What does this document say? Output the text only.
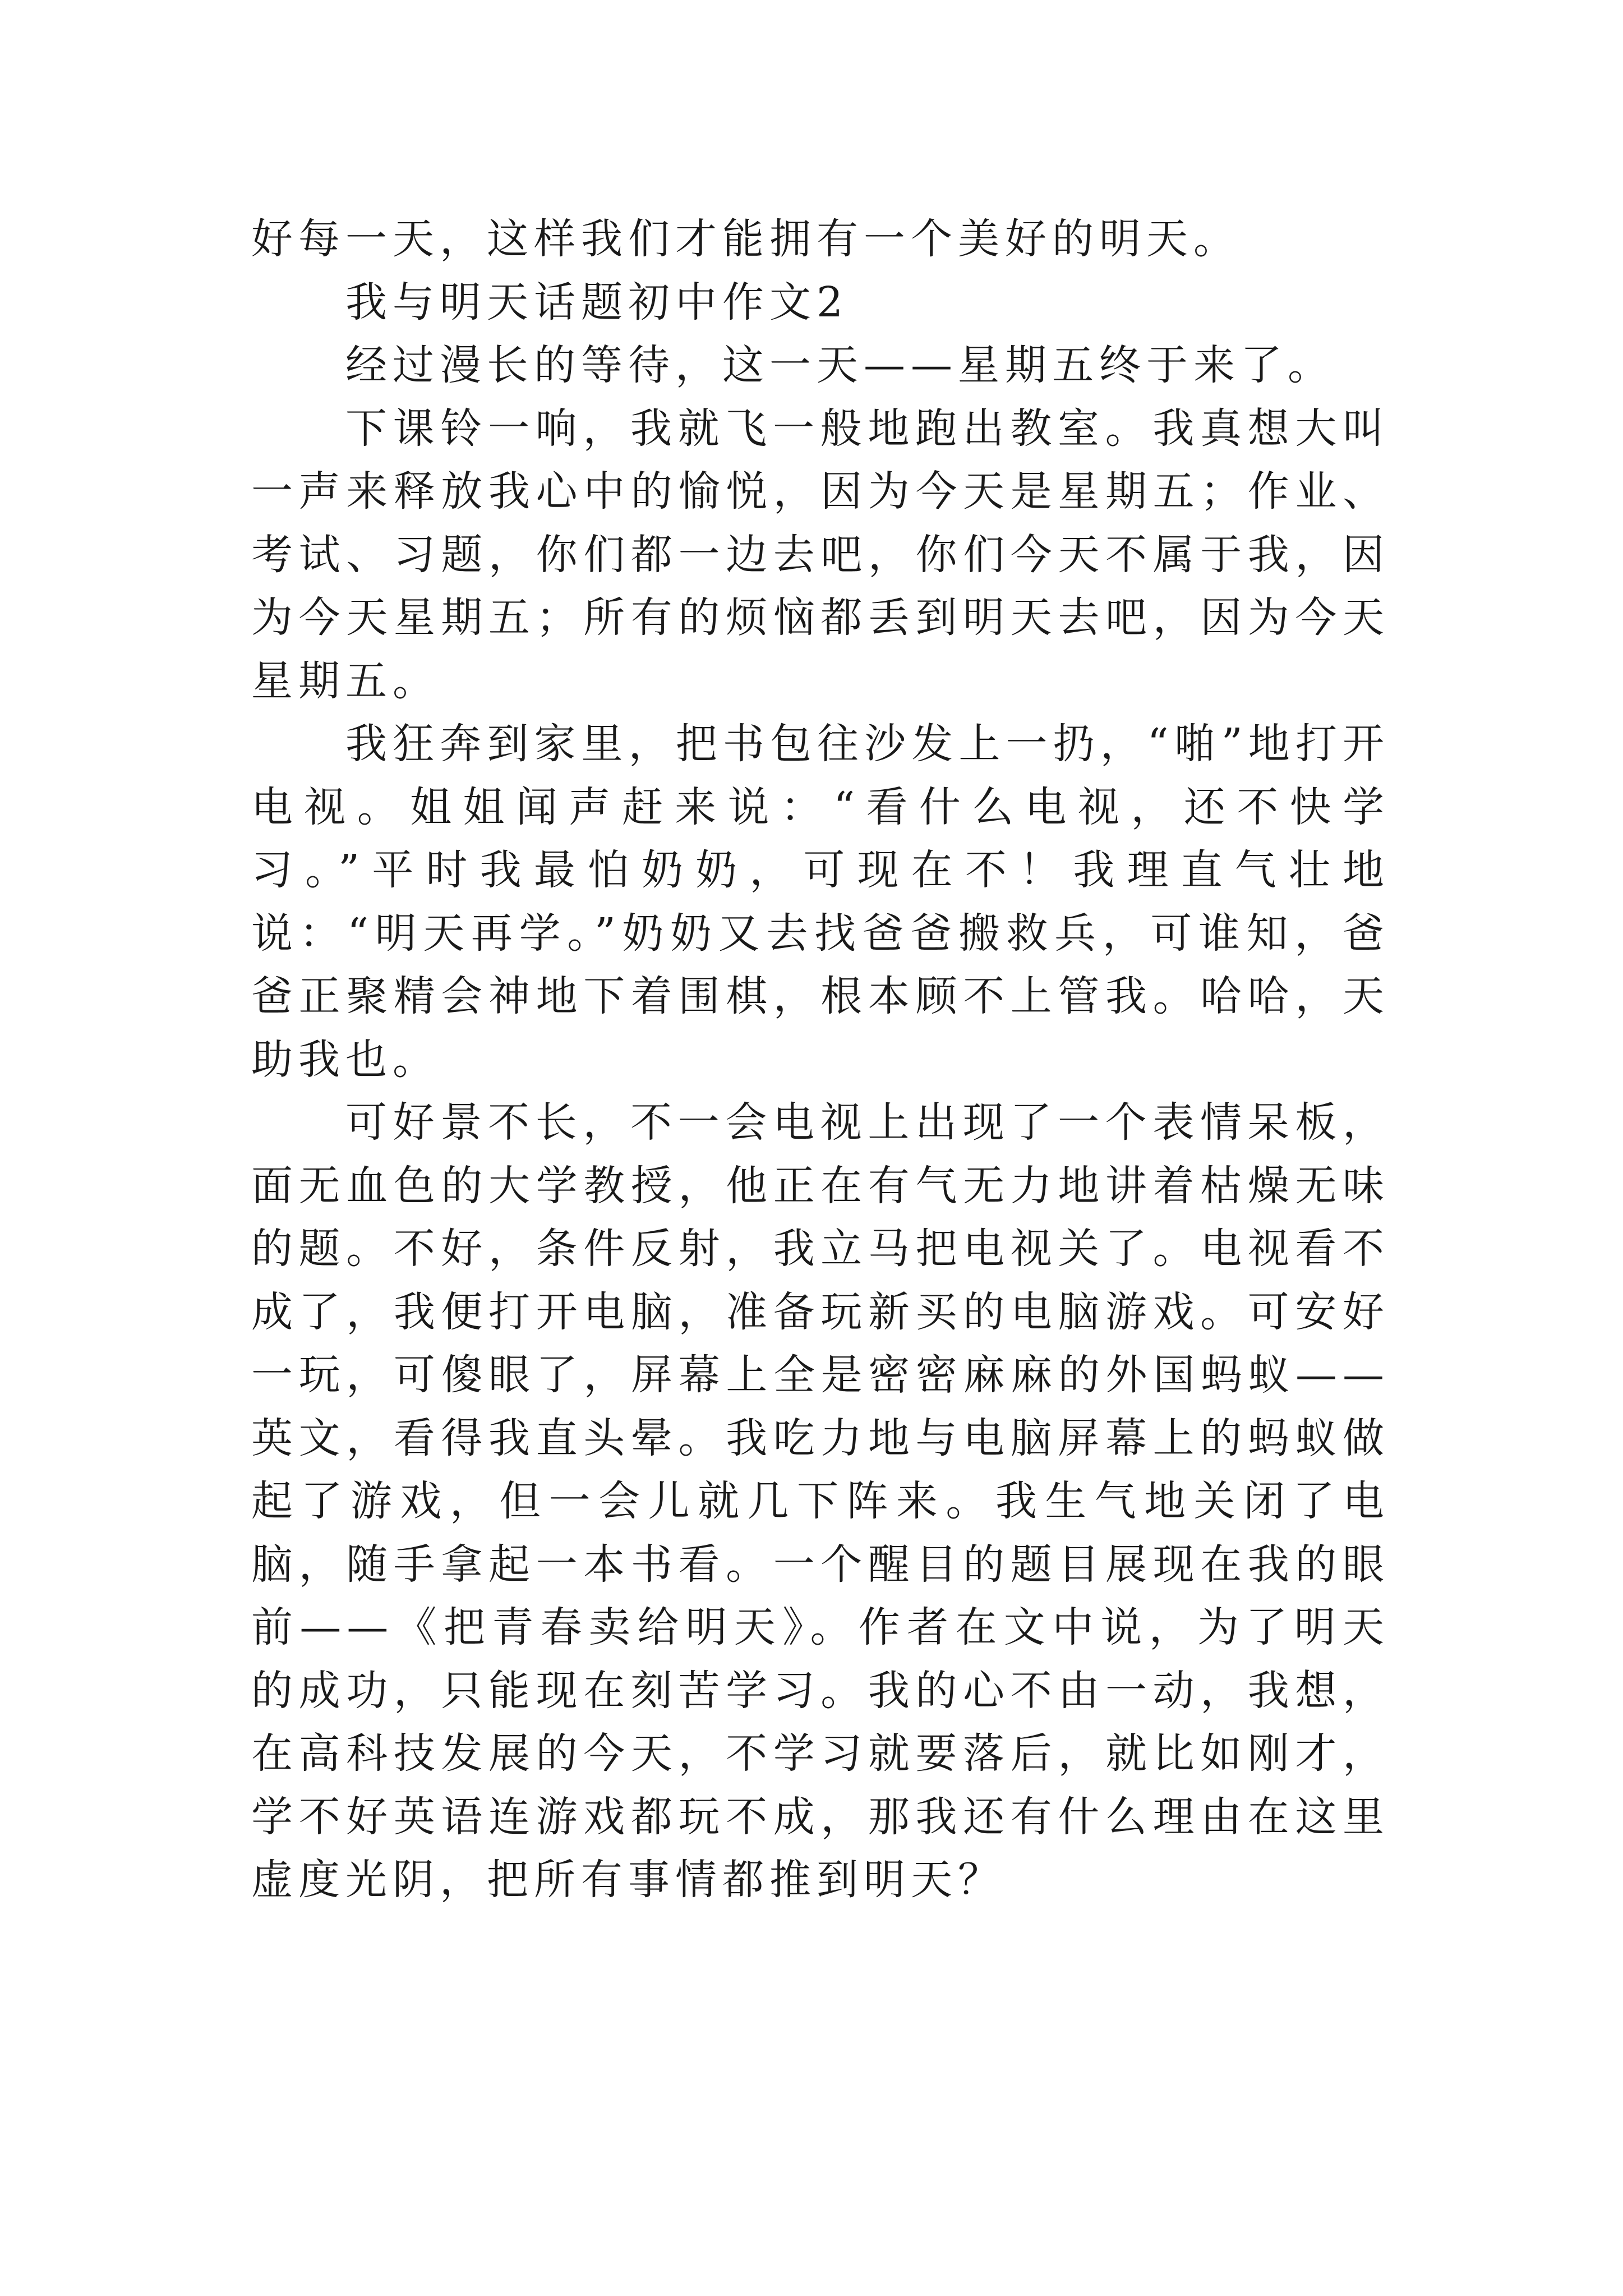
好每一天，这样我们才能拥有一个美好的明天。

我与明天话题初中作文2

经过漫长的等待，这一天——星期五终于来了。

下课铃一响，我就飞一般地跑出教室。我真想大叫一声来释放我心中的愉悦，因为今天是星期五；作业、考试、习题，你们都一边去吧，你们今天不属于我，因为今天星期五；所有的烦恼都丢到明天去吧，因为今天星期五。

我狂奔到家里，把书包往沙发上一扔，“啪”地打开电视。姐姐闻声赶来说：“看什么电视，还不快学习。”平时我最怕奶奶，可现在不！我理直气壮地说：“明天再学。”奶奶又去找爸爸搬救兵，可谁知，爸爸正聚精会神地下着围棋，根本顾不上管我。哈哈，天助我也。

可好景不长，不一会电视上出现了一个表情呆板，面无血色的大学教授，他正在有气无力地讲着枯燥无味的题。不好，条件反射，我立马把电视关了。电视看不成了，我便打开电脑，准备玩新买的电脑游戏。可安好一玩，可傻眼了，屏幕上全是密密麻麻的外国蚂蚁——英文，看得我直头晕。我吃力地与电脑屏幕上的蚂蚁做起了游戏，但一会儿就几下阵来。我生气地关闭了电脑，随手拿起一本书看。一个醒目的题目展现在我的眼前——《把青春卖给明天》。作者在文中说，为了明天的成功，只能现在刻苦学习。我的心不由一动，我想，在高科技发展的今天，不学习就要落后，就比如刚才，学不好英语连游戏都玩不成，那我还有什么理由在这里虚度光阴，把所有事情都推到明天？
